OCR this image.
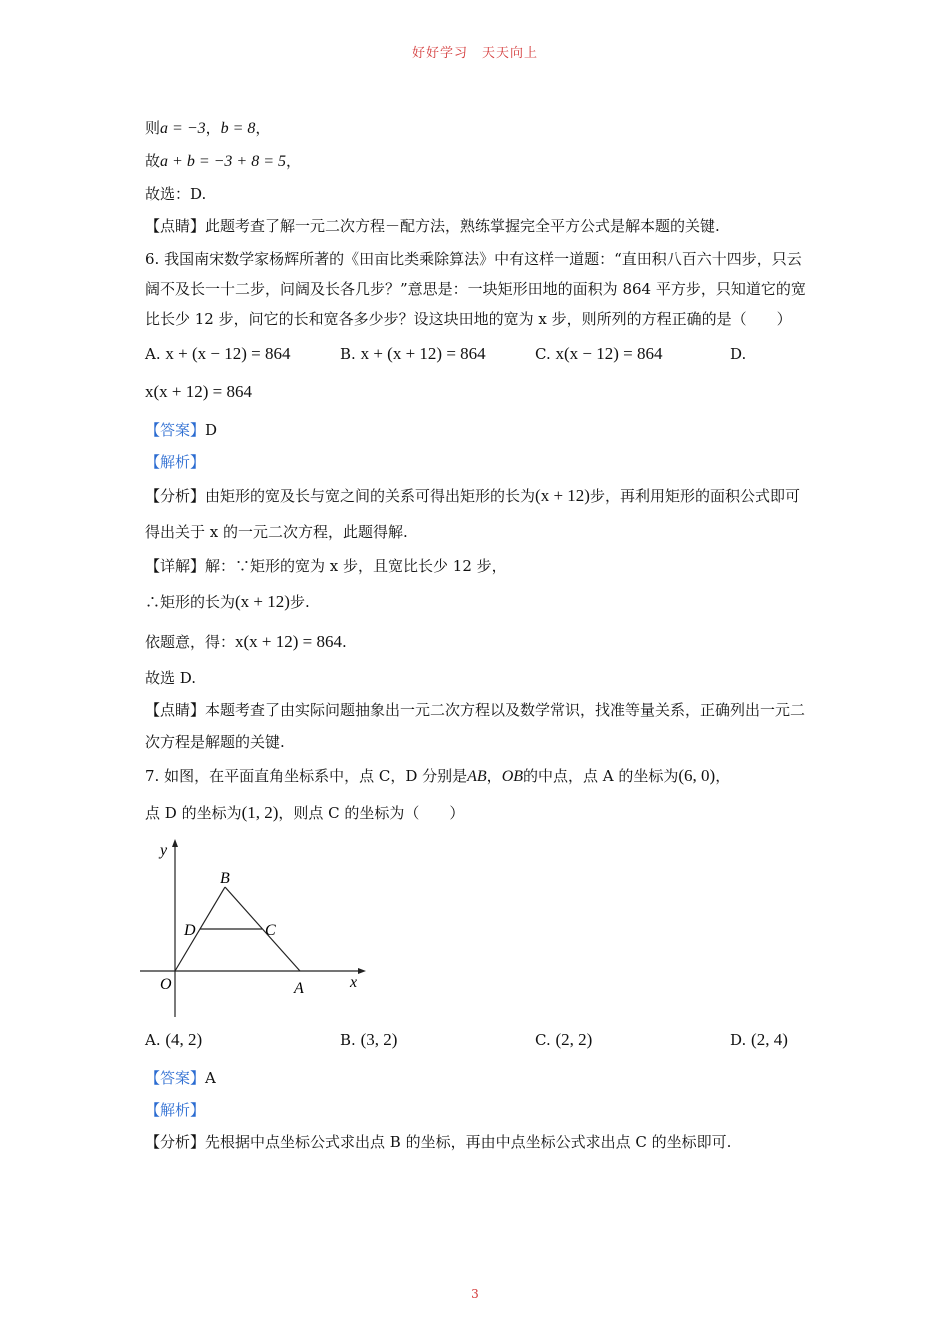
好好学习　天天向上
则a = −3，b = 8，
故a + b = −3 + 8 = 5，
故选：D.
【点睛】此题考查了解一元二次方程－配方法，熟练掌握完全平方公式是解本题的关键.
6. 我国南宋数学家杨辉所著的《田亩比类乘除算法》中有这样一道题：“直田积八百六十四步，只云阔不及长一十二步，问阔及长各几步？”意思是：一块矩形田地的面积为 864 平方步，只知道它的宽比长少 12 步，问它的长和宽各多少步？设这块田地的宽为 x 步，则所列的方程正确的是（　　）
A. x + (x − 12) = 864	B. x + (x + 12) = 864	C. x(x − 12) = 864	D.
x(x + 12) = 864
【答案】D
【解析】
【分析】由矩形的宽及长与宽之间的关系可得出矩形的长为(x + 12)步，再利用矩形的面积公式即可得出关于 x 的一元二次方程，此题得解.
【详解】解：∵矩形的宽为 x 步，且宽比长少 12 步，
∴矩形的长为(x + 12)步.
依题意，得：x(x + 12) = 864.
故选 D.
【点睛】本题考查了由实际问题抽象出一元二次方程以及数学常识，找准等量关系，正确列出一元二次方程是解题的关键.
7. 如图，在平面直角坐标系中，点 C，D 分别是AB，OB的中点，点 A 的坐标为(6, 0)，
点 D 的坐标为(1, 2)，则点 C 的坐标为（　　）
y
x
O	A
B
D	C
A. (4, 2)	B. (3, 2)	C. (2, 2)	D. (2, 4)
【答案】A
【解析】
【分析】先根据中点坐标公式求出点 B 的坐标，再由中点坐标公式求出点 C 的坐标即可.
3
